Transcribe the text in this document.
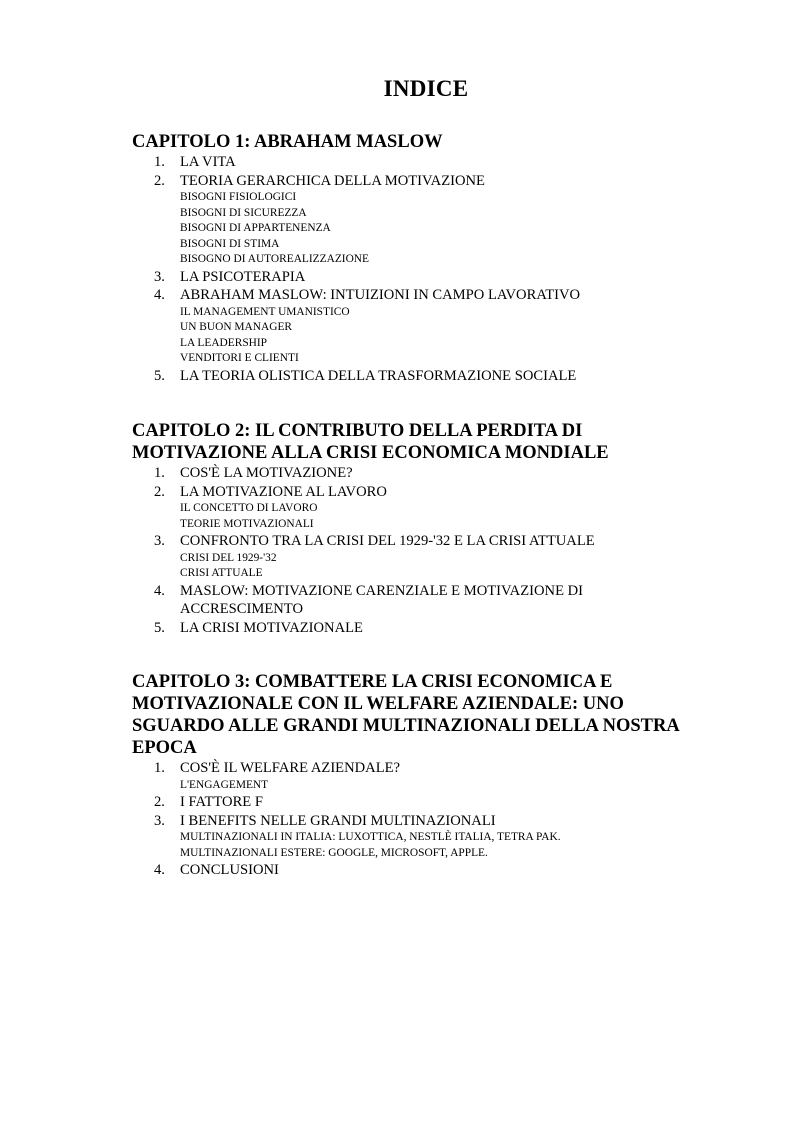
INDICE
CAPITOLO 1: ABRAHAM MASLOW
1. LA VITA
2. TEORIA GERARCHICA DELLA MOTIVAZIONE
BISOGNI FISIOLOGICI
BISOGNI DI SICUREZZA
BISOGNI DI APPARTENENZA
BISOGNI DI STIMA
BISOGNO DI AUTOREALIZZAZIONE
3. LA PSICOTERAPIA
4. ABRAHAM MASLOW: INTUIZIONI IN CAMPO LAVORATIVO
IL MANAGEMENT UMANISTICO
UN BUON MANAGER
LA LEADERSHIP
VENDITORI E CLIENTI
5. LA TEORIA OLISTICA DELLA TRASFORMAZIONE SOCIALE
CAPITOLO 2: IL CONTRIBUTO DELLA PERDITA DI
MOTIVAZIONE ALLA CRISI ECONOMICA MONDIALE
1. COS'È LA MOTIVAZIONE?
2. LA MOTIVAZIONE AL LAVORO
IL CONCETTO DI LAVORO
TEORIE MOTIVAZIONALI
3. CONFRONTO TRA LA CRISI DEL 1929-'32 E LA CRISI ATTUALE
CRISI DEL 1929-'32
CRISI ATTUALE
4. MASLOW: MOTIVAZIONE CARENZIALE E MOTIVAZIONE DI
ACCRESCIMENTO
5. LA CRISI MOTIVAZIONALE
CAPITOLO 3: COMBATTERE LA CRISI ECONOMICA E
MOTIVAZIONALE CON IL WELFARE AZIENDALE: UNO
SGUARDO ALLE GRANDI MULTINAZIONALI DELLA NOSTRA
EPOCA
1. COS'È IL WELFARE AZIENDALE?
L'ENGAGEMENT
2. I FATTORE F
3. I BENEFITS NELLE GRANDI MULTINAZIONALI
MULTINAZIONALI IN ITALIA: LUXOTTICA, NESTLÈ ITALIA, TETRA PAK.
MULTINAZIONALI ESTERE: GOOGLE, MICROSOFT, APPLE.
4. CONCLUSIONI
